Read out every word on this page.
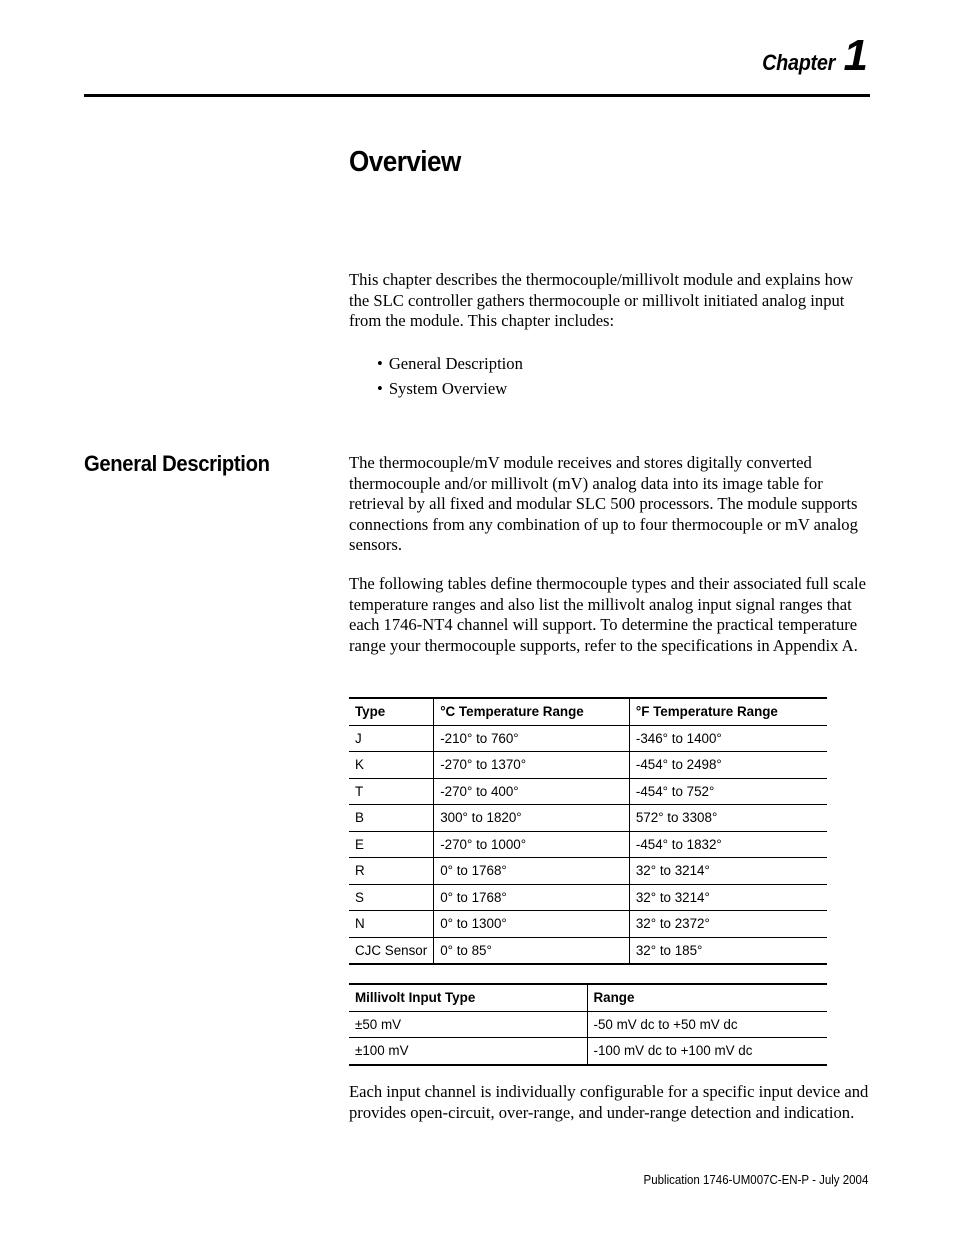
Chapter 1
Overview

This chapter describes the thermocouple/millivolt module and explains how the SLC controller gathers thermocouple or millivolt initiated analog input from the module. This chapter includes:

• General Description
• System Overview
General Description	The thermocouple/mV module receives and stores digitally converted thermocouple and/or millivolt (mV) analog data into its image table for retrieval by all fixed and modular SLC 500 processors. The module supports connections from any combination of up to four thermocouple or mV analog sensors.

The following tables define thermocouple types and their associated full scale temperature ranges and also list the millivolt analog input signal ranges that each 1746-NT4 channel will support. To determine the practical temperature range your thermocouple supports, refer to the specifications in Appendix A.

Type	°C Temperature Range	°F Temperature Range
J	-210° to 760°	-346° to 1400°
K	-270° to 1370°	-454° to 2498°
T	-270° to 400°	-454° to 752°
B	300° to 1820°	572° to 3308°
E	-270° to 1000°	-454° to 1832°
R	0° to 1768°	32° to 3214°
S	0° to 1768°	32° to 3214°
N	0° to 1300°	32° to 2372°
CJC Sensor	0° to 85°	32° to 185°
Millivolt Input Type	Range
±50 mV	-50 mV dc to +50 mV dc
±100 mV	-100 mV dc to +100 mV dc

Each input channel is individually configurable for a specific input device and provides open-circuit, over-range, and under-range detection and indication.

Publication 1746-UM007C-EN-P - July 2004
